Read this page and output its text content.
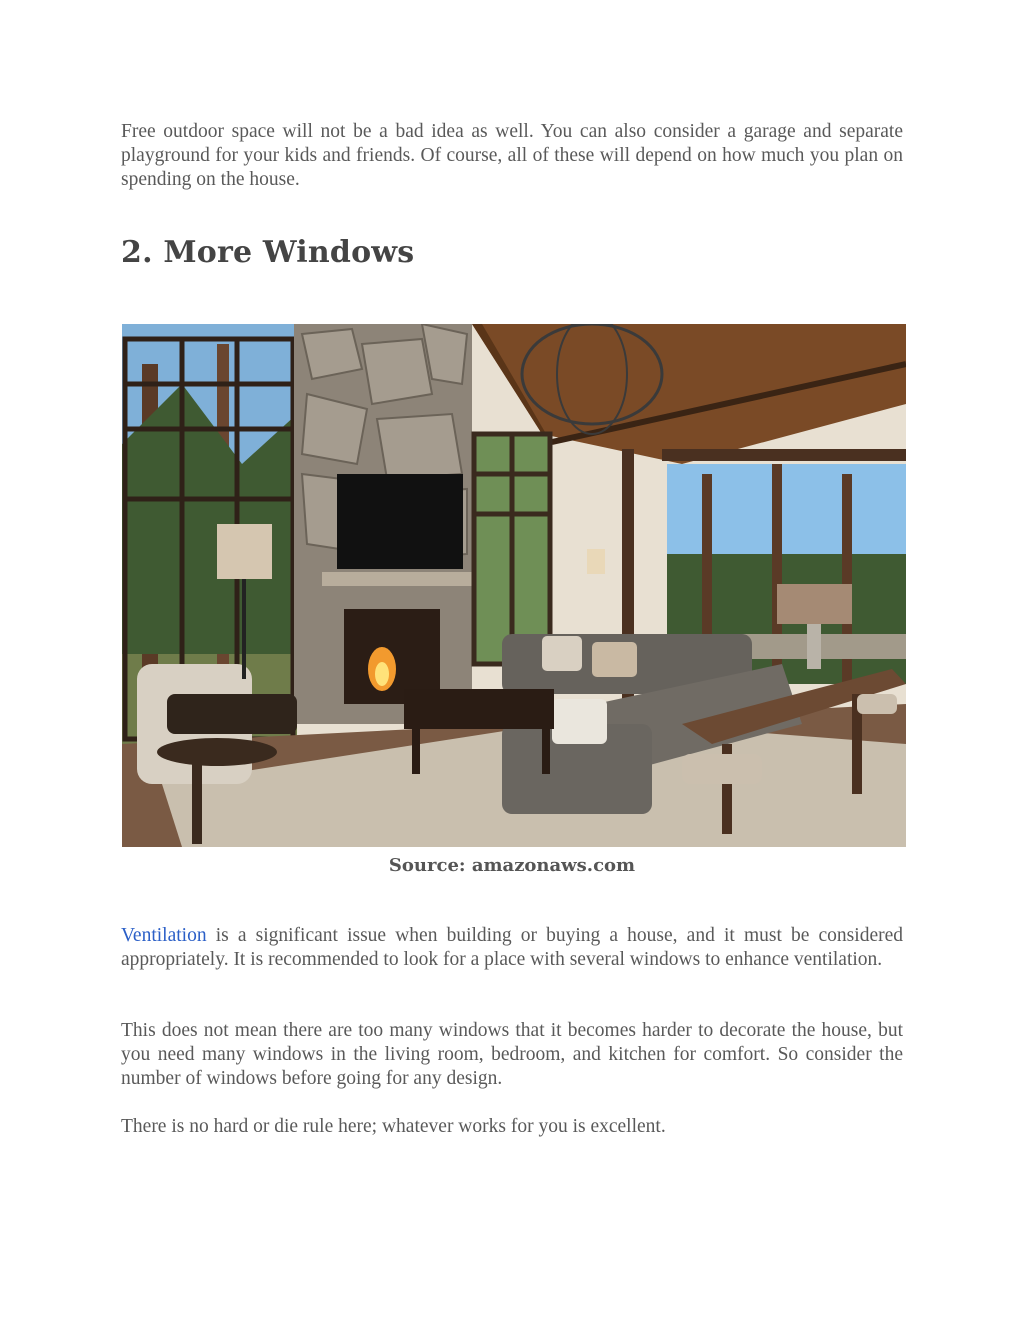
Free outdoor space will not be a bad idea as well. You can also consider a garage and separate playground for your kids and friends. Of course, all of these will depend on how much you plan on spending on the house.

2. More Windows
Source: amazonaws.com

Ventilation is a significant issue when building or buying a house, and it must be considered appropriately. It is recommended to look for a place with several windows to enhance ventilation.

This does not mean there are too many windows that it becomes harder to decorate the house, but you need many windows in the living room, bedroom, and kitchen for comfort. So consider the number of windows before going for any design.

There is no hard or die rule here; whatever works for you is excellent.
